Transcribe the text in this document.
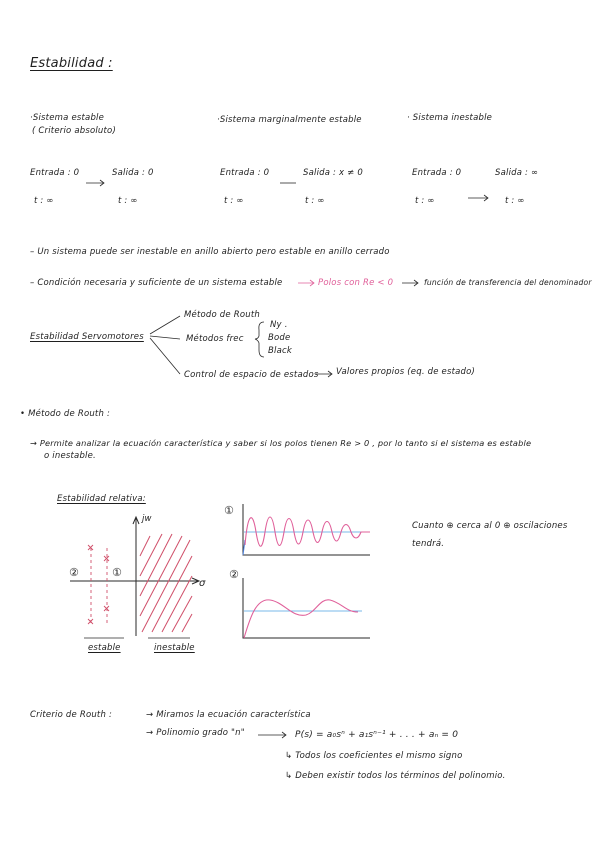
Estabilidad :
·Sistema estable
( Criterio absoluto)
·Sistema marginalmente estable	· Sistema inestable
Entrada : 0	Salida : 0
t : ∞	t : ∞
Entrada : 0	Salida : x ≠ 0
t : ∞	t : ∞
Entrada : 0	Salida : ∞
t : ∞	t : ∞
– Un sistema puede ser inestable en anillo abierto pero estable en anillo cerrado
– Condición necesaria y suficiente de un sistema estable	Polos con Re < 0	función de transferencia del denominador
Estabilidad Servomotores
Método de Routh
Métodos frec
Ny .
Bode
Black
Control de espacio de estados Valores propios (eq. de estado)
• Método de Routh :
→ Permite analizar la ecuación característica y saber si los polos tienen Re > 0 , por lo tanto si el sistema es estable
o inestable.
Estabilidad relativa:
jw
σ
②	①
estable	inestable
①
②
Cuanto ⊕ cerca al 0 ⊕ oscilaciones
tendrá.
Criterio de Routh :	→ Miramos la ecuación característica
→ Polinomio grado "n"	P(s) = a₀sⁿ + a₁sⁿ⁻¹ + . . . + aₙ = 0
↳ Todos los coeficientes el mismo signo
↳ Deben existir todos los términos del polinomio.
